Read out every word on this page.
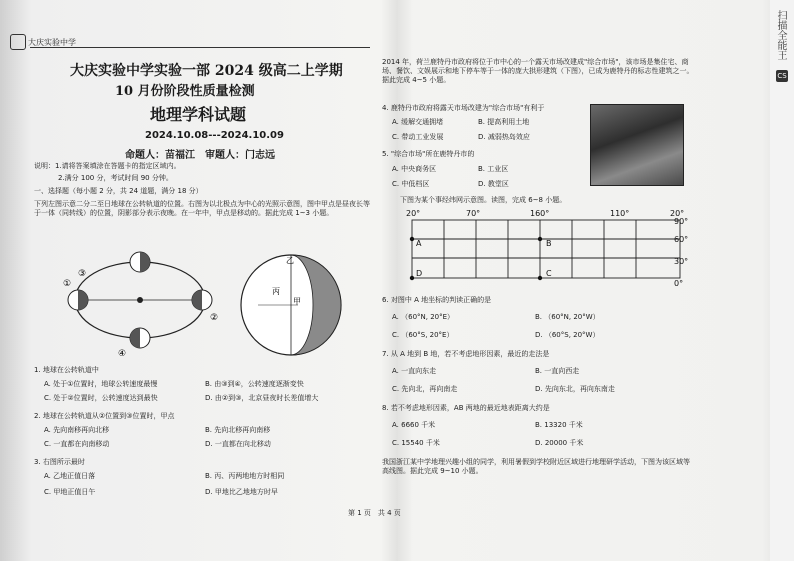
大庆实验中学
大庆实验中学实验一部 2024 级高二上学期
10 月份阶段性质量检测
地理学科试题
2024.10.08---2024.10.09
命题人：苗福江　审题人：门志远
说明：1.请将答案填涂在答题卡的指定区域内。
2.满分 100 分，考试时间 90 分钟。
一、选择题（每小题 2 分，共 24 道题，满分 18 分）
下列左图示意二分二至日地球在公转轨道的位置。右图为以北极点为中心的光照示意图，图中甲点是昼夜长等于一体（同转线）的位置，阴影部分表示夜晚。在一年中，甲点是移动的。据此完成 1~3 小题。
①
②
③
④
乙
丙
甲
1. 地球在公转轨道中
A. 处于①位置时，地球公转速度最慢	B. 由③到④，公转速度逐渐变快
C. 处于②位置时，公转速度达到最快	D. 由②到③，北京昼夜时长差值增大
2. 地球在公转轨道从②位置到③位置时，甲点
A. 先向南移再向北移	B. 先向北移再向南移
C. 一直都在向南移动	D. 一直都在向北移动
3. 右图所示最时
A. 乙地正值日落	B. 丙、丙两地地方时相同
C. 甲地正值日午	D. 甲地比乙地地方时早
2014 年，荷兰鹿特丹市政府将位于市中心的一个露天市场改建成"综合市场"，该市场是集住宅、商场、餐饮、文娱展示和地下停车等于一体的庞大拱形建筑（下图），已成为鹿特丹的标志性建筑之一。据此完成 4~5 小题。
4. 鹿特丹市政府将露天市场改建为"综合市场"有利于
A. 缓解交通拥堵	B. 提高利用土地
C. 带动工业发展	D. 减弱热岛效应
5. "综合市场"所在鹿特丹市的
A. 中央商务区	B. 工业区
C. 中低档区	D. 教堂区
下图为某个事经纬网示意图。读图，完成 6~8 小题。
20°	70°	160°	110°	20°
90°
60°
30°
0°
A	B
C
D
6. 对图中 A 地坐标的判读正确的是
A. （60°N, 20°E）	B. （60°N, 20°W）
C. （60°S, 20°E）	D. （60°S, 20°W）
7. 从 A 地到 B 地，若不考虑地形因素，最近的走法是
A. 一直向东走	B. 一直向西走
C. 先向北，再向南走	D. 先向东北，再向东南走
8. 若不考虑地形因素，AB 两地的最近地表距离大约是
A. 6660 千米	B. 13320 千米
C. 15540 千米	D. 20000 千米
我国浙江某中学地理兴趣小组的同学，利用暑假到学校附近区域进行地理研学活动，下图为该区域等高线图。据此完成 9~10 小题。
第 1 页　共 4 页
扫描全能王
CS
